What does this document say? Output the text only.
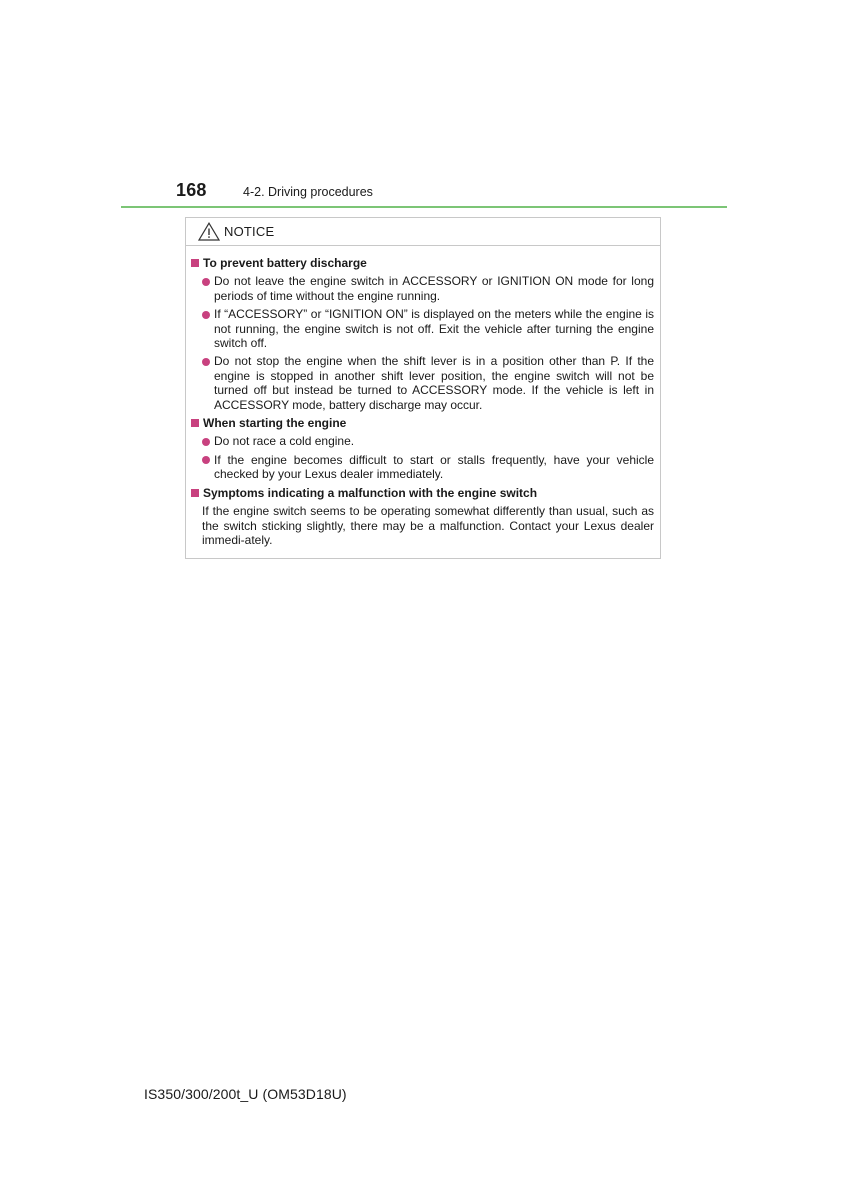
168	4-2. Driving procedures
NOTICE
To prevent battery discharge
Do not leave the engine switch in ACCESSORY or IGNITION ON mode for long periods of time without the engine running.
If “ACCESSORY” or “IGNITION ON” is displayed on the meters while the engine is not running, the engine switch is not off. Exit the vehicle after turning the engine switch off.
Do not stop the engine when the shift lever is in a position other than P. If the engine is stopped in another shift lever position, the engine switch will not be turned off but instead be turned to ACCESSORY mode. If the vehicle is left in ACCESSORY mode, battery discharge may occur.
When starting the engine
Do not race a cold engine.
If the engine becomes difficult to start or stalls frequently, have your vehicle checked by your Lexus dealer immediately.
Symptoms indicating a malfunction with the engine switch
If the engine switch seems to be operating somewhat differently than usual, such as the switch sticking slightly, there may be a malfunction. Contact your Lexus dealer immedi-ately.
IS350/300/200t_U (OM53D18U)
